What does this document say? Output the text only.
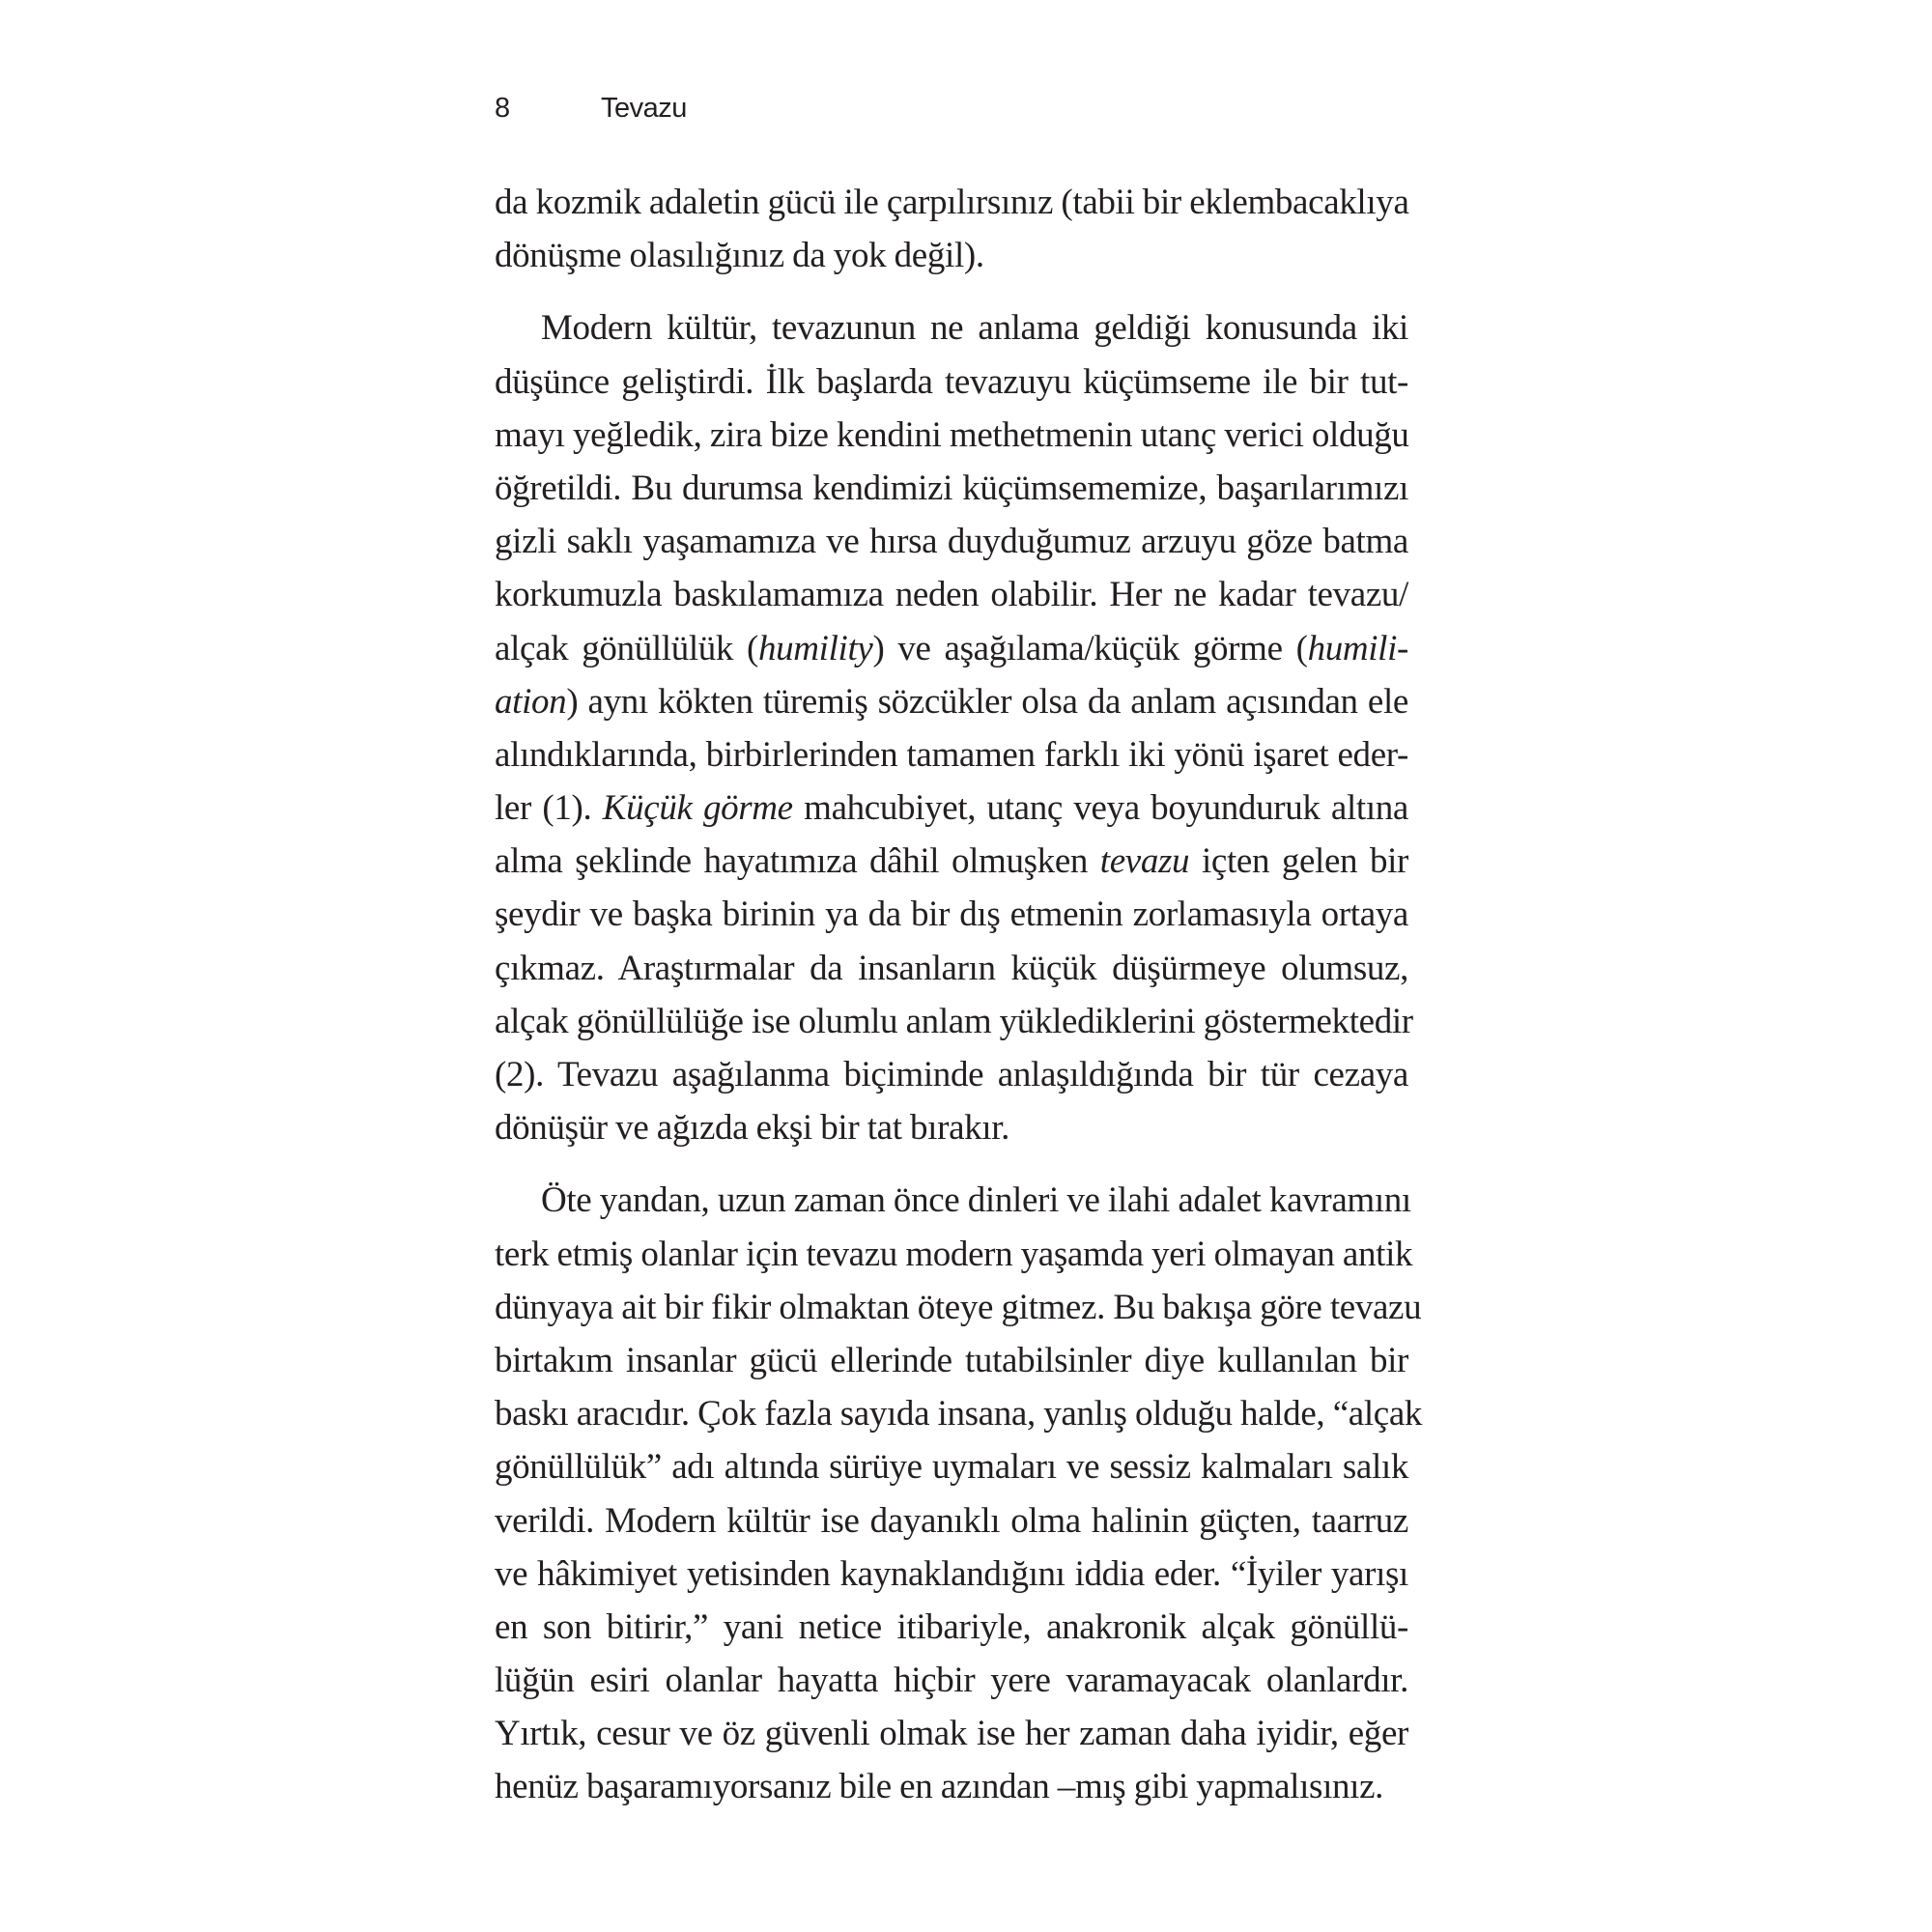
8	Tevazu
da kozmik adaletin gücü ile çarpılırsınız (tabii bir eklembacaklıya
dönüşme olasılığınız da yok değil).
Modern kültür, tevazunun ne anlama geldiği konusunda iki
düşünce geliştirdi. İlk başlarda tevazuyu küçümseme ile bir tut-
mayı yeğledik, zira bize kendini methetmenin utanç verici olduğu
öğretildi. Bu durumsa kendimizi küçümsememize, başarılarımızı
gizli saklı yaşamamıza ve hırsa duyduğumuz arzuyu göze batma
korkumuzla baskılamamıza neden olabilir. Her ne kadar tevazu/
alçak gönüllülük (humility) ve aşağılama/küçük görme (humili-
ation) aynı kökten türemiş sözcükler olsa da anlam açısından ele
alındıklarında, birbirlerinden tamamen farklı iki yönü işaret eder-
ler (1). Küçük görme mahcubiyet, utanç veya boyunduruk altına
alma şeklinde hayatımıza dâhil olmuşken tevazu içten gelen bir
şeydir ve başka birinin ya da bir dış etmenin zorlamasıyla ortaya
çıkmaz. Araştırmalar da insanların küçük düşürmeye olumsuz,
alçak gönüllülüğe ise olumlu anlam yüklediklerini göstermektedir
(2). Tevazu aşağılanma biçiminde anlaşıldığında bir tür cezaya
dönüşür ve ağızda ekşi bir tat bırakır.
Öte yandan, uzun zaman önce dinleri ve ilahi adalet kavramını
terk etmiş olanlar için tevazu modern yaşamda yeri olmayan antik
dünyaya ait bir fikir olmaktan öteye gitmez. Bu bakışa göre tevazu
birtakım insanlar gücü ellerinde tutabilsinler diye kullanılan bir
baskı aracıdır. Çok fazla sayıda insana, yanlış olduğu halde, “alçak
gönüllülük” adı altında sürüye uymaları ve sessiz kalmaları salık
verildi. Modern kültür ise dayanıklı olma halinin güçten, taarruz
ve hâkimiyet yetisinden kaynaklandığını iddia eder. “İyiler yarışı
en son bitirir,” yani netice itibariyle, anakronik alçak gönüllü-
lüğün esiri olanlar hayatta hiçbir yere varamayacak olanlardır.
Yırtık, cesur ve öz güvenli olmak ise her zaman daha iyidir, eğer
henüz başaramıyorsanız bile en azından –mış gibi yapmalısınız.
